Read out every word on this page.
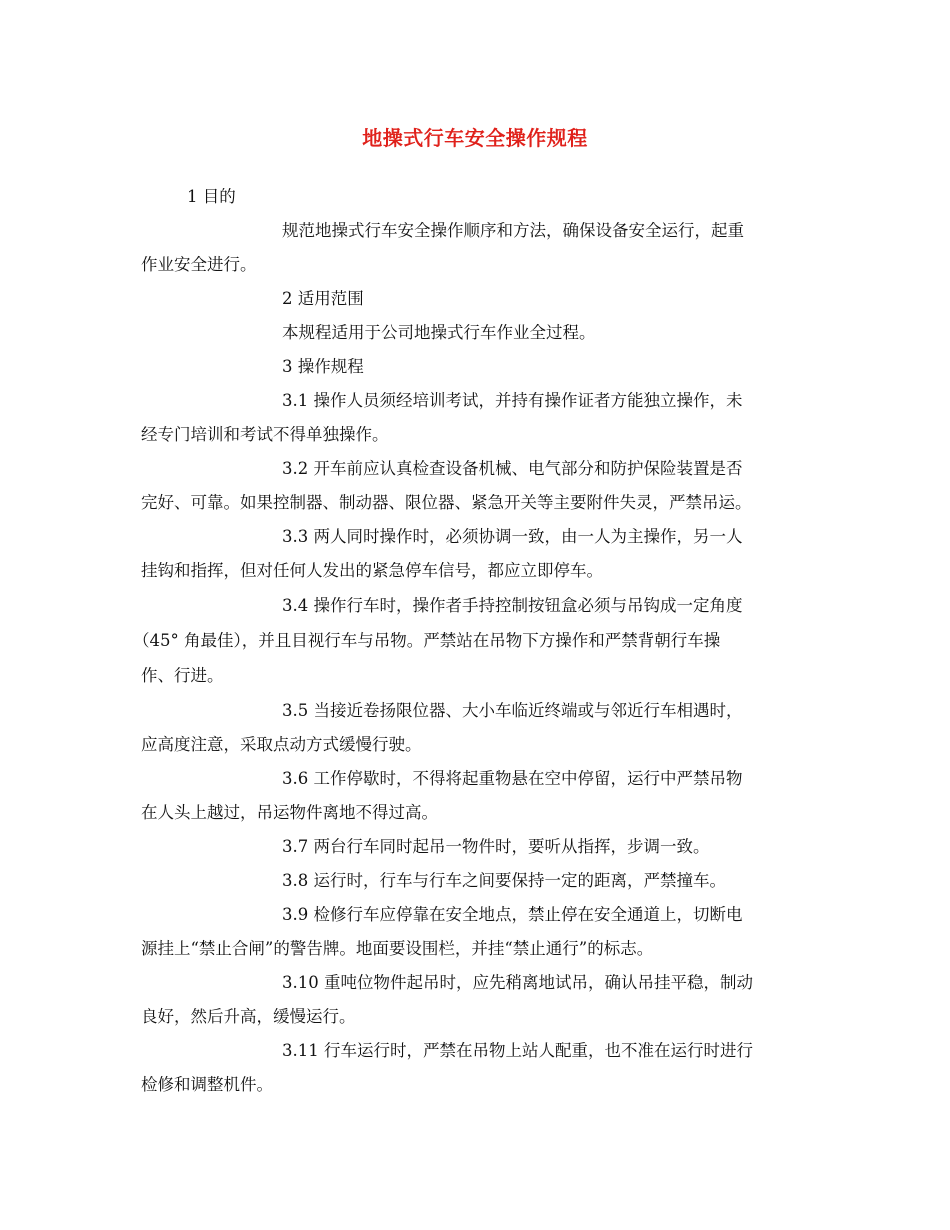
地操式行车安全操作规程
1 目的
规范地操式行车安全操作顺序和方法，确保设备安全运行，起重
作业安全进行。
2 适用范围
本规程适用于公司地操式行车作业全过程。
3 操作规程
3.1 操作人员须经培训考试，并持有操作证者方能独立操作，未
经专门培训和考试不得单独操作。
3.2 开车前应认真检查设备机械、电气部分和防护保险装置是否
完好、可靠。如果控制器、制动器、限位器、紧急开关等主要附件失灵，严禁吊运。
3.3 两人同时操作时，必须协调一致，由一人为主操作，另一人
挂钩和指挥，但对任何人发出的紧急停车信号，都应立即停车。
3.4 操作行车时，操作者手持控制按钮盒必须与吊钩成一定角度
（45° 角最佳），并且目视行车与吊物。严禁站在吊物下方操作和严禁背朝行车操
作、行进。
3.5 当接近卷扬限位器、大小车临近终端或与邻近行车相遇时，
应高度注意，采取点动方式缓慢行驶。
3.6 工作停歇时，不得将起重物悬在空中停留，运行中严禁吊物
在人头上越过，吊运物件离地不得过高。
3.7 两台行车同时起吊一物件时，要听从指挥，步调一致。
3.8 运行时，行车与行车之间要保持一定的距离，严禁撞车。
3.9 检修行车应停靠在安全地点，禁止停在安全通道上，切断电
源挂上“禁止合闸”的警告牌。地面要设围栏，并挂“禁止通行”的标志。
3.10 重吨位物件起吊时，应先稍离地试吊，确认吊挂平稳，制动
良好，然后升高，缓慢运行。
3.11 行车运行时，严禁在吊物上站人配重，也不准在运行时进行
检修和调整机件。
